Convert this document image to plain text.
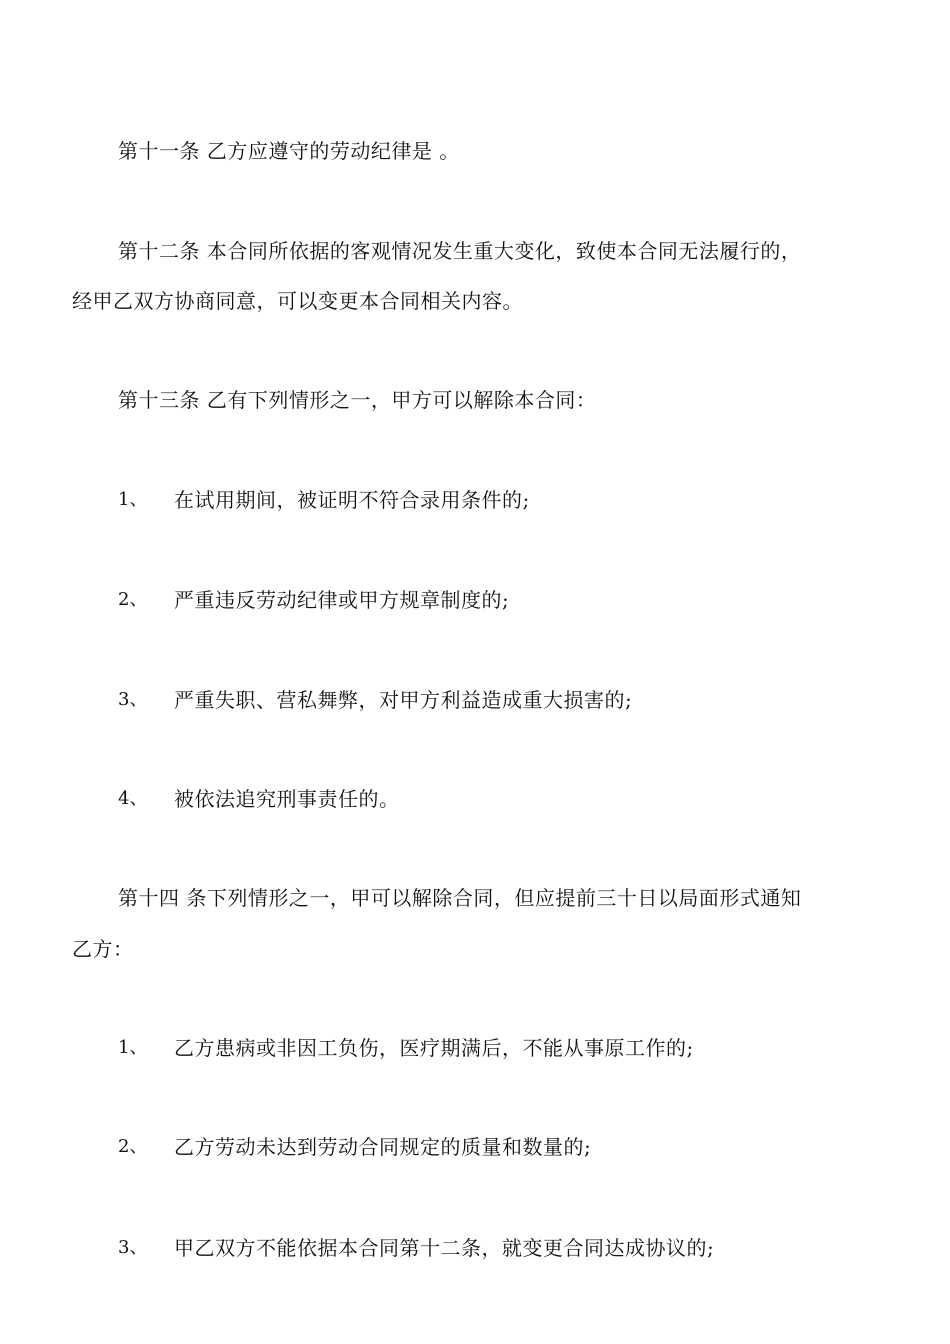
第十一条 乙方应遵守的劳动纪律是 。
第十二条 本合同所依据的客观情况发生重大变化，致使本合同无法履行的，
经甲乙双方协商同意，可以变更本合同相关内容。
第十三条 乙有下列情形之一，甲方可以解除本合同：
1、 在试用期间，被证明不符合录用条件的;
2、 严重违反劳动纪律或甲方规章制度的;
3、 严重失职、营私舞弊，对甲方利益造成重大损害的;
4、 被依法追究刑事责任的。
第十四 条下列情形之一，甲可以解除合同，但应提前三十日以局面形式通知
乙方：
1、 乙方患病或非因工负伤，医疗期满后，不能从事原工作的;
2、 乙方劳动未达到劳动合同规定的质量和数量的;
3、 甲乙双方不能依据本合同第十二条，就变更合同达成协议的;
